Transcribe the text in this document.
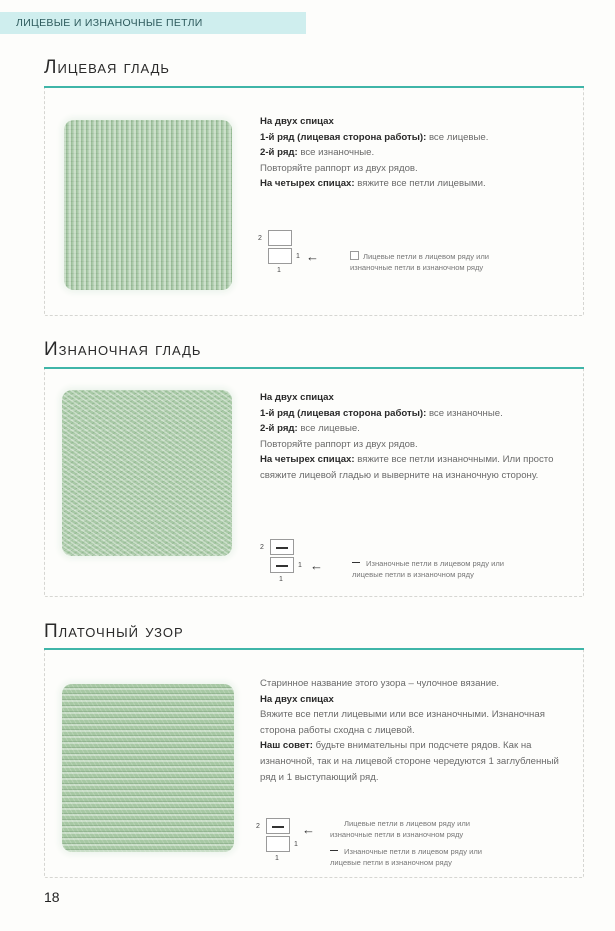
ЛИЦЕВЫЕ И ИЗНАНОЧНЫЕ ПЕТЛИ
Лицевая гладь

На двух спицах

1-й ряд (лицевая сторона работы): все лицевые.

2-й ряд: все изнаночные.

Повторяйте раппорт из двух рядов.

На четырех спицах: вяжите все петли лицевыми.

2
1
1
←	Лицевые петли в лицевом ряду или
изнаночные петли в изнаночном ряду
Изнаночная гладь

На двух спицах

1-й ряд (лицевая сторона работы): все изнаночные.

2-й ряд: все лицевые.

Повторяйте раппорт из двух рядов.

На четырех спицах: вяжите все петли изнаночными. Или просто свяжите лицевой гладью и выверните на изнаночную сторону.

2
1
1
←	Изнаночные петли в лицевом ряду или
лицевые петли в изнаночном ряду
Платочный узор

Старинное название этого узора – чулочное вязание.

На двух спицах

Вяжите все петли лицевыми или все изнаночными. Изнаночная сторона работы сходна с лицевой.

Наш совет: будьте внимательны при подсчете рядов. Как на изнаночной, так и на лицевой стороне чередуются 1 заглубленный ряд и 1 выступающий ряд.

2
1
1
←	Лицевые петли в лицевом ряду или
изнаночные петли в изнаночном ряду
Изнаночные петли в лицевом ряду или
лицевые петли в изнаночном ряду
18
